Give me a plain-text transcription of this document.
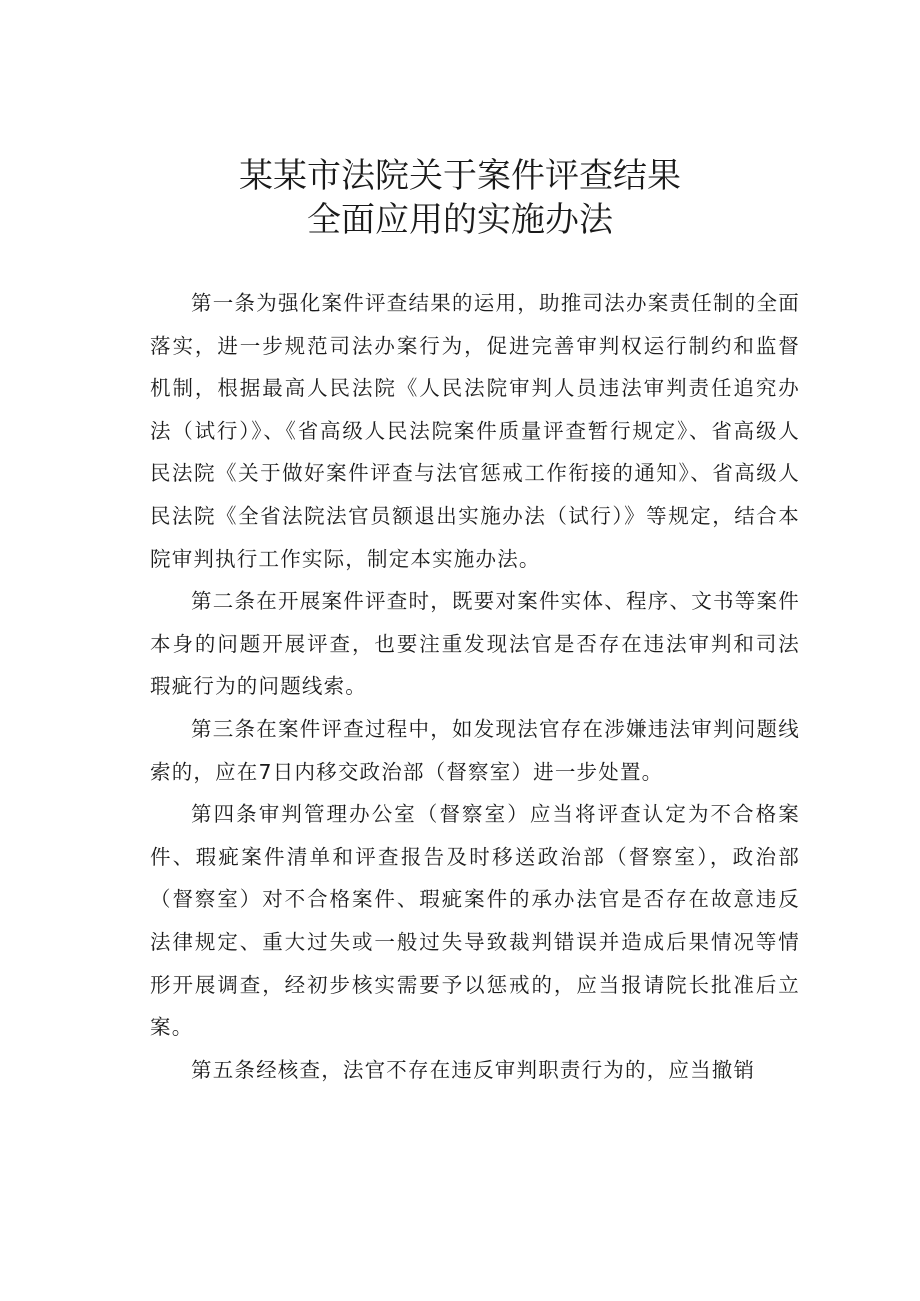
某某市法院关于案件评查结果
全面应用的实施办法

第一条为强化案件评查结果的运用，助推司法办案责任制的全面落实，进一步规范司法办案行为，促进完善审判权运行制约和监督机制，根据最高人民法院《人民法院审判人员违法审判责任追究办法（试行）》、《省高级人民法院案件质量评查暂行规定》、省高级人民法院《关于做好案件评查与法官惩戒工作衔接的通知》、省高级人民法院《全省法院法官员额退出实施办法（试行）》等规定，结合本院审判执行工作实际，制定本实施办法。

第二条在开展案件评查时，既要对案件实体、程序、文书等案件本身的问题开展评查，也要注重发现法官是否存在违法审判和司法瑕疵行为的问题线索。

第三条在案件评查过程中，如发现法官存在涉嫌违法审判问题线索的，应在7日内移交政治部（督察室）进一步处置。

第四条审判管理办公室（督察室）应当将评查认定为不合格案件、瑕疵案件清单和评查报告及时移送政治部（督察室），政治部（督察室）对不合格案件、瑕疵案件的承办法官是否存在故意违反法律规定、重大过失或一般过失导致裁判错误并造成后果情况等情形开展调查，经初步核实需要予以惩戒的，应当报请院长批准后立案。

第五条经核查，法官不存在违反审判职责行为的，应当撤销
